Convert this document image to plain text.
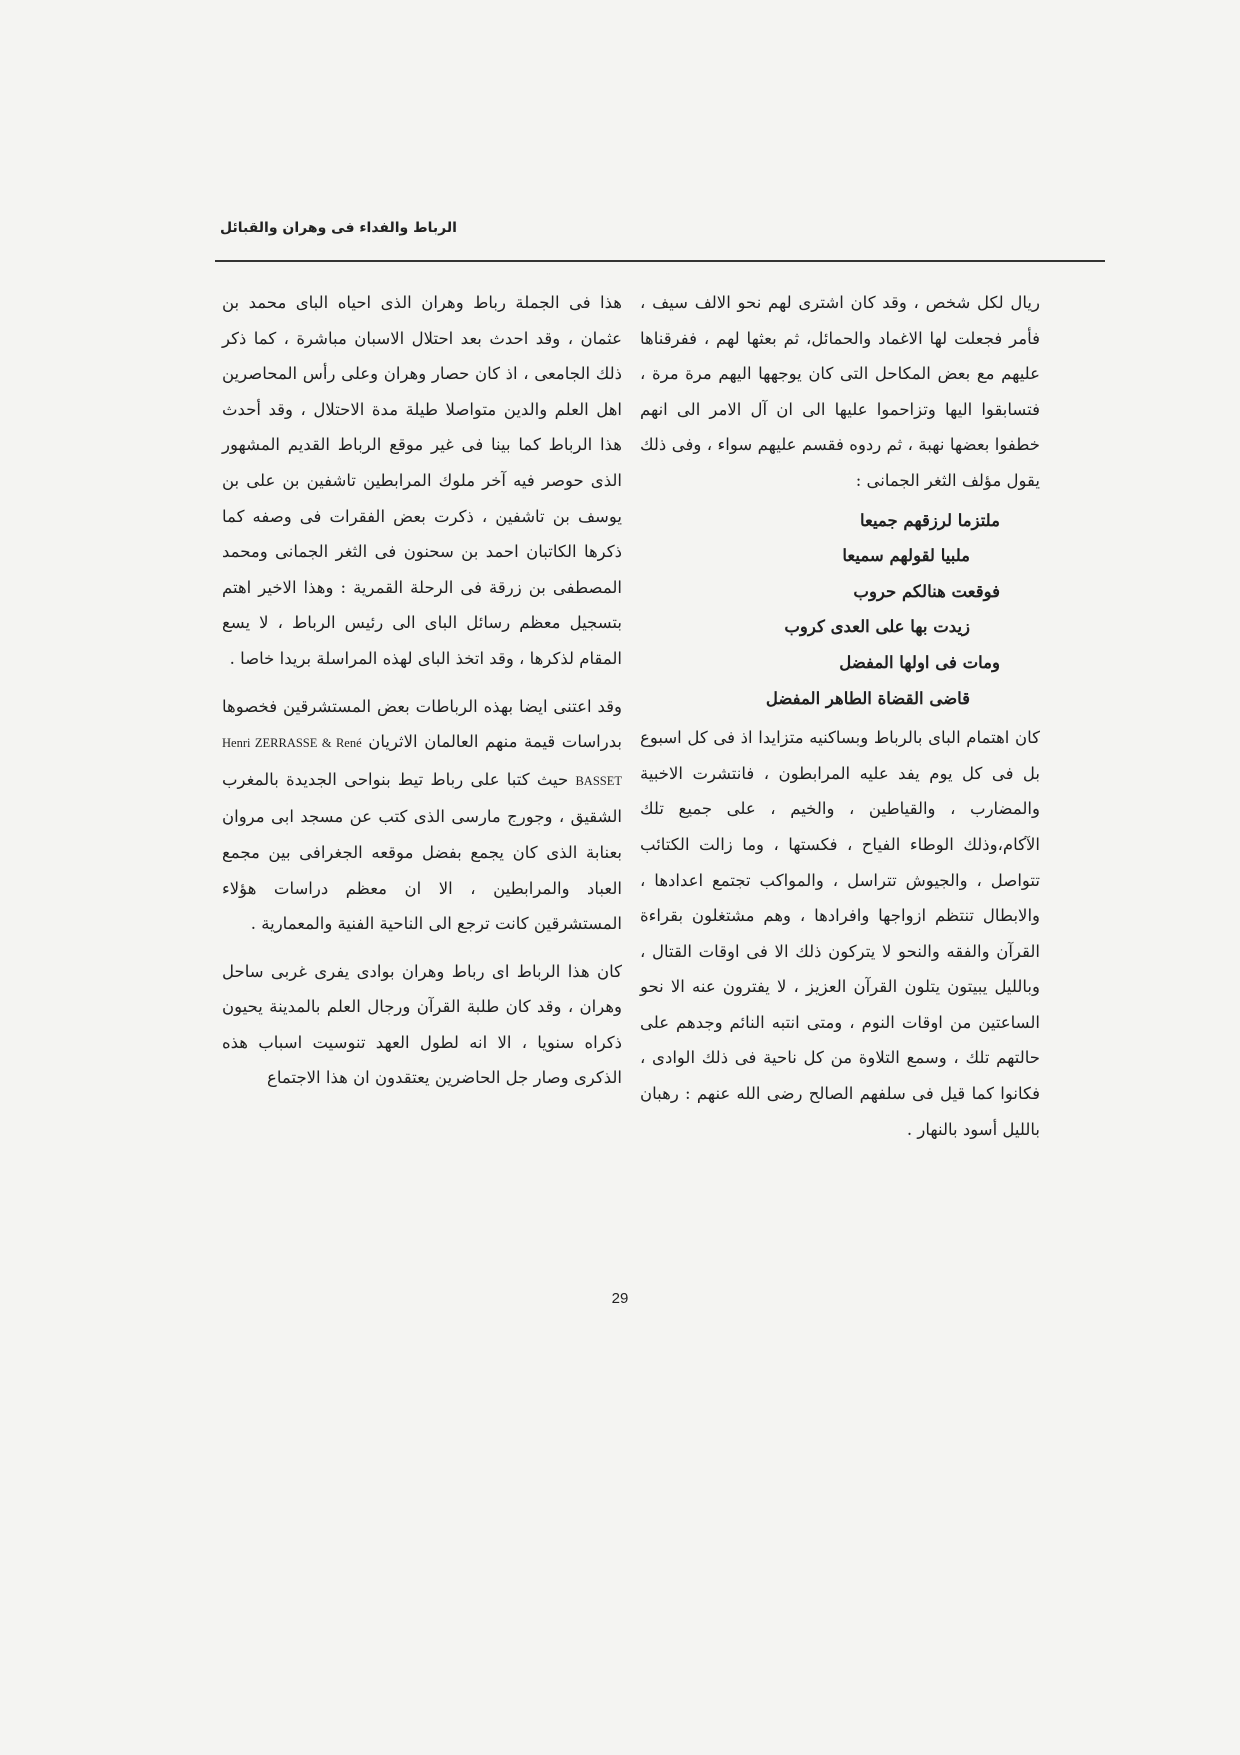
الرباط والفداء فى وهران والقبائل

ريال لكل شخص ، وقد كان اشترى لهم نحو الالف سيف ، فأمر فجعلت لها الاغماد والحمائل، ثم بعثها لهم ، ففرقناها عليهم مع بعض المكاحل التى كان يوجهها اليهم مرة مرة ، فتسابقوا اليها وتزاحموا عليها الى ان آل الامر الى انهم خطفوا بعضها نهبة ، ثم ردوه فقسم عليهم سواء ، وفى ذلك يقول مؤلف الثغر الجمانى :

ملتزما لرزقهم جميعا
ملبيا لقولهم سميعا
فوقعت هنالكم حروب
زيدت بها على العدى كروب
ومات فى اولها المفضل
قاضى القضاة الطاهر المفضل

كان اهتمام الباى بالرباط وبساكنيه متزايدا اذ فى كل اسبوع بل فى كل يوم يفد عليه المرابطون ، فانتشرت الاخبية والمضارب ، والقياطين ، والخيم ، على جميع تلك الآكام،وذلك الوطاء الفياح ، فكستها ، وما زالت الكتائب تتواصل ، والجيوش تتراسل ، والمواكب تجتمع اعدادها ، والابطال تنتظم ازواجها وافرادها ، وهم مشتغلون بقراءة القرآن والفقه والنحو لا يتركون ذلك الا فى اوقات القتال ، وبالليل يبيتون يتلون القرآن العزيز ، لا يفترون عنه الا نحو الساعتين من اوقات النوم ، ومتى انتبه النائم وجدهم على حالتهم تلك ، وسمع التلاوة من كل ناحية فى ذلك الوادى ، فكانوا كما قيل فى سلفهم الصالح رضى الله عنهم : رهبان بالليل أسود بالنهار .

هذا فى الجملة رباط وهران الذى احياه الباى محمد بن عثمان ، وقد احدث بعد احتلال الاسبان مباشرة ، كما ذكر ذلك الجامعى ، اذ كان حصار وهران وعلى رأس المحاصرين اهل العلم والدين متواصلا طيلة مدة الاحتلال ، وقد أحدث هذا الرباط كما بينا فى غير موقع الرباط القديم المشهور الذى حوصر فيه آخر ملوك المرابطين تاشفين بن على بن يوسف بن تاشفين ، ذكرت بعض الفقرات فى وصفه كما ذكرها الكاتبان احمد بن سحنون فى الثغر الجمانى ومحمد المصطفى بن زرقة فى الرحلة القمرية : وهذا الاخير اهتم بتسجيل معظم رسائل الباى الى رئيس الرباط ، لا يسع المقام لذكرها ، وقد اتخذ الباى لهذه المراسلة بريدا خاصا .

وقد اعتنى ايضا بهذه الرباطات بعض المستشرقين فخصوها بدراسات قيمة منهم العالمان الاثريان Henri ZERRASSE & René BASSET حيث كتبا على رباط تيط بنواحى الجديدة بالمغرب الشقيق ، وجورج مارسى الذى كتب عن مسجد ابى مروان بعنابة الذى كان يجمع بفضل موقعه الجغرافى بين مجمع العباد والمرابطين ، الا ان معظم دراسات هؤلاء المستشرقين كانت ترجع الى الناحية الفنية والمعمارية .

كان هذا الرباط اى رباط وهران بوادى يفرى غربى ساحل وهران ، وقد كان طلبة القرآن ورجال العلم بالمدينة يحيون ذكراه سنويا ، الا انه لطول العهد تنوسيت اسباب هذه الذكرى وصار جل الحاضرين يعتقدون ان هذا الاجتماع

29
